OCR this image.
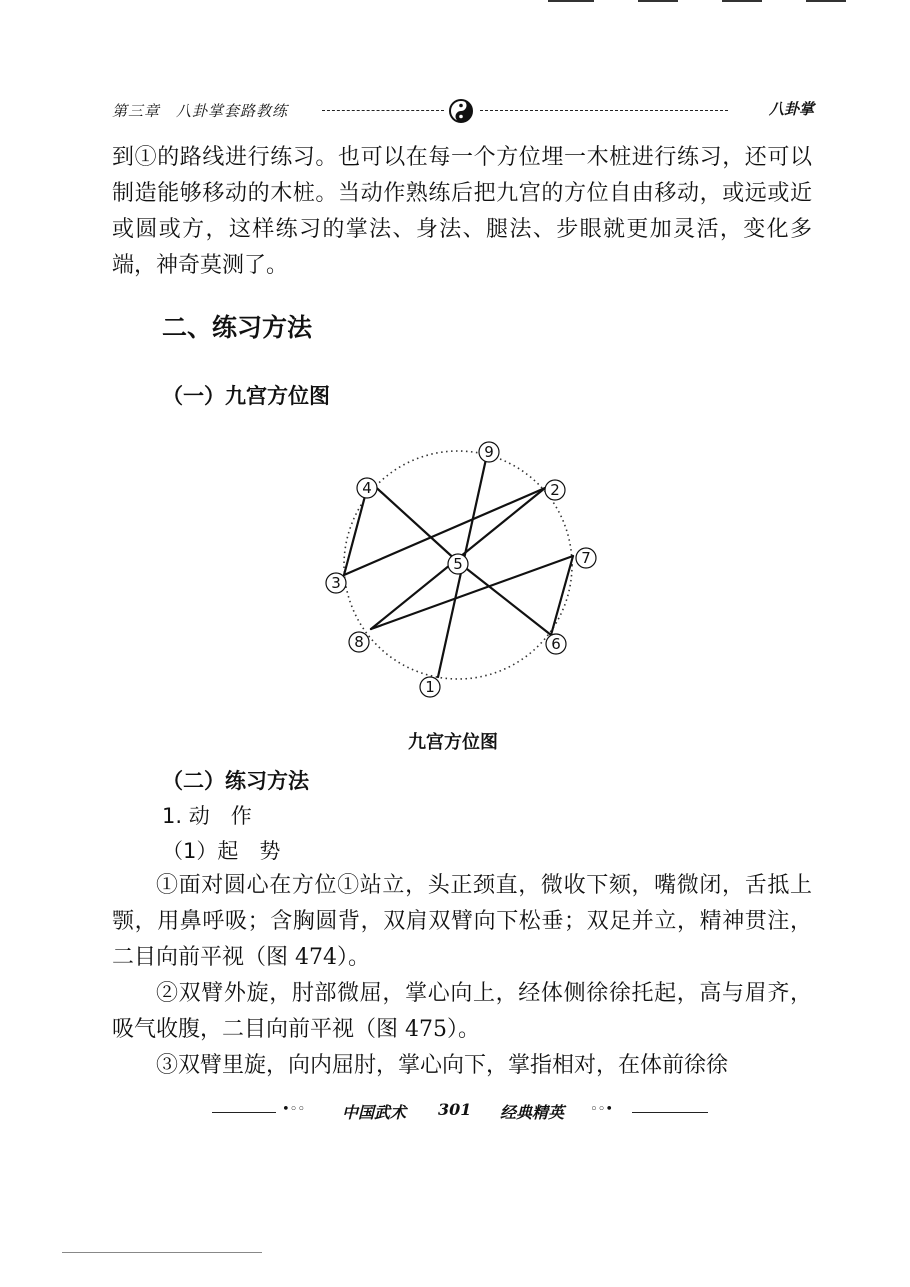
第三章　八卦掌套路教练	八卦掌
到①的路线进行练习。也可以在每一个方位埋一木桩进行练习，还可以制造能够移动的木桩。当动作熟练后把九宫的方位自由移动，或远或近或圆或方，这样练习的掌法、身法、腿法、步眼就更加灵活，变化多端，神奇莫测了。
二、练习方法
（一）九宫方位图
1
2
3
4
5
6
7
8
9
九宫方位图
（二）练习方法
1. 动　作
（1）起　势
①面对圆心在方位①站立，头正颈直，微收下颏，嘴微闭，舌抵上颚，用鼻呼吸；含胸圆背，双肩双臂向下松垂；双足并立，精神贯注，二目向前平视（图 474）。
②双臂外旋，肘部微屈，掌心向上，经体侧徐徐托起，高与眉齐，吸气收腹，二目向前平视（图 475）。
③双臂里旋，向内屈肘，掌心向下，掌指相对，在体前徐徐
•◦◦ 中国武术 301 经典精英 ◦◦•
